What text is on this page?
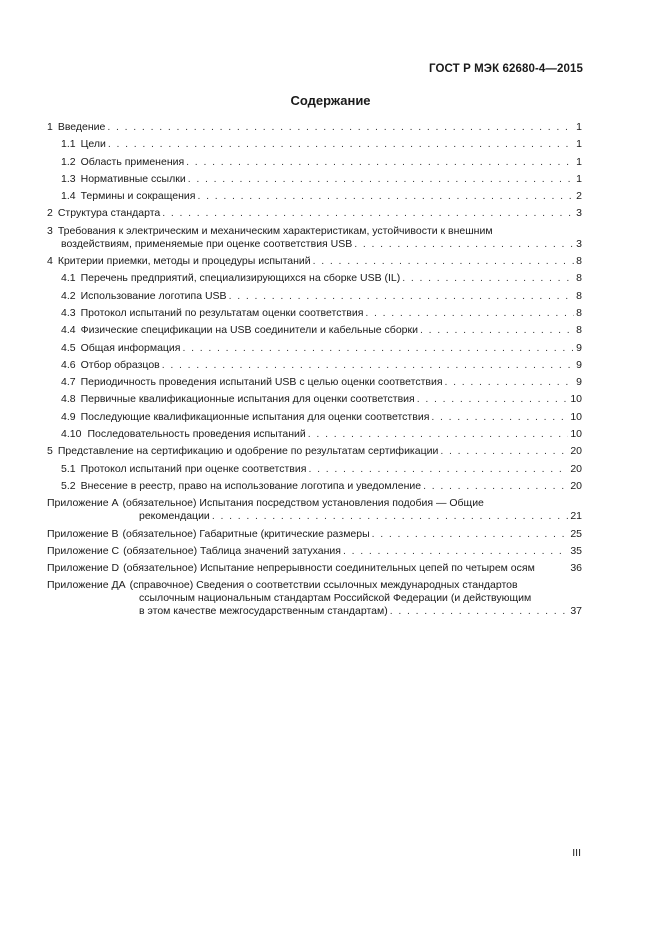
ГОСТ Р МЭК 62680-4—2015
Содержание
1 Введение . . .	1
1.1 Цели . . .	1
1.2 Область применения . . .	1
1.3 Нормативные ссылки . . .	1
1.4 Термины и сокращения . . .	2
2 Структура стандарта . . .	3
3 Требования к электрическим и механическим характеристикам, устойчивости к внешним
воздействиям, применяемые при оценке соответствия USB . . .	3
4 Критерии приемки, методы и процедуры испытаний . . .	8
4.1 Перечень предприятий, специализирующихся на сборке USB (IL) . . .	8
4.2 Использование логотипа USB . . .	8
4.3 Протокол испытаний по результатам оценки соответствия . . .	8
4.4 Физические спецификации на USB соединители и кабельные сборки . . .	8
4.5 Общая информация . . .	9
4.6 Отбор образцов . . .	9
4.7 Периодичность проведения испытаний USB с целью оценки соответствия . . .	9
4.8 Первичные квалификационные испытания для оценки соответствия . . .	10
4.9 Последующие квалификационные испытания для оценки соответствия . . .	10
4.10 Последовательность проведения испытаний . . .	10
5 Представление на сертификацию и одобрение по результатам сертификации . . .	20
5.1 Протокол испытаний при оценке соответствия . . .	20
5.2 Внесение в реестр, право на использование логотипа и уведомление . . .	20
Приложение А (обязательное) Испытания посредством установления подобия — Общие
рекомендации . . .	21
Приложение В (обязательное) Габаритные (критические размеры . . .	25
Приложение С (обязательное) Таблица значений затухания . . .	35
Приложение D (обязательное) Испытание непрерывности соединительных цепей по четырем осям	36
Приложение ДА (справочное) Сведения о соответствии ссылочных международных стандартов
ссылочным национальным стандартам Российской Федерации (и действующим
в этом качестве межгосударственным стандартам) . . .	37
III
